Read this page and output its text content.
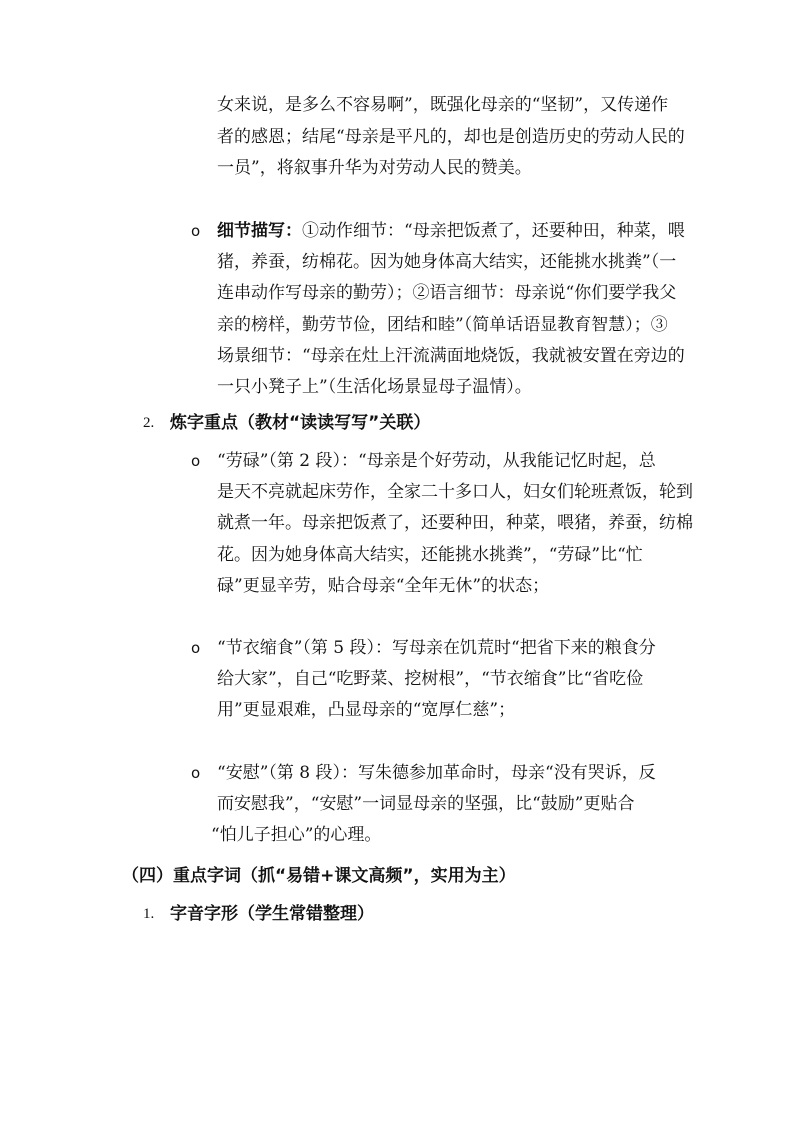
女来说，是多么不容易啊”，既强化母亲的“坚韧”，又传递作

者的感恩；结尾“母亲是平凡的，却也是创造历史的劳动人民的

一员”，将叙事升华为对劳动人民的赞美。

o 细节描写：①动作细节：“母亲把饭煮了，还要种田，种菜，喂

猪，养蚕，纺棉花。因为她身体高大结实，还能挑水挑粪”（一

连串动作写母亲的勤劳）；②语言细节：母亲说“你们要学我父

亲的榜样，勤劳节俭，团结和睦”（简单话语显教育智慧）；③

场景细节：“母亲在灶上汗流满面地烧饭，我就被安置在旁边的

一只小凳子上”（生活化场景显母子温情）。

2. 炼字重点（教材“读读写写”关联）
o “劳碌”（第 2 段）：“母亲是个好劳动，从我能记忆时起，总

是天不亮就起床劳作，全家二十多口人，妇女们轮班煮饭，轮到

就煮一年。母亲把饭煮了，还要种田，种菜，喂猪，养蚕，纺棉

花。因为她身体高大结实，还能挑水挑粪”，“劳碌”比“忙

碌”更显辛劳，贴合母亲“全年无休”的状态；

o “节衣缩食”（第 5 段）：写母亲在饥荒时“把省下来的粮食分

给大家”，自己“吃野菜、挖树根”，“节衣缩食”比“省吃俭

用”更显艰难，凸显母亲的“宽厚仁慈”；

o “安慰”（第 8 段）：写朱德参加革命时，母亲“没有哭诉，反

而安慰我”，“安慰”一词显母亲的坚强，比“鼓励”更贴合

“怕儿子担心”的心理。

（四）重点字词（抓“易错+课文高频”，实用为主）
1. 字音字形（学生常错整理）
